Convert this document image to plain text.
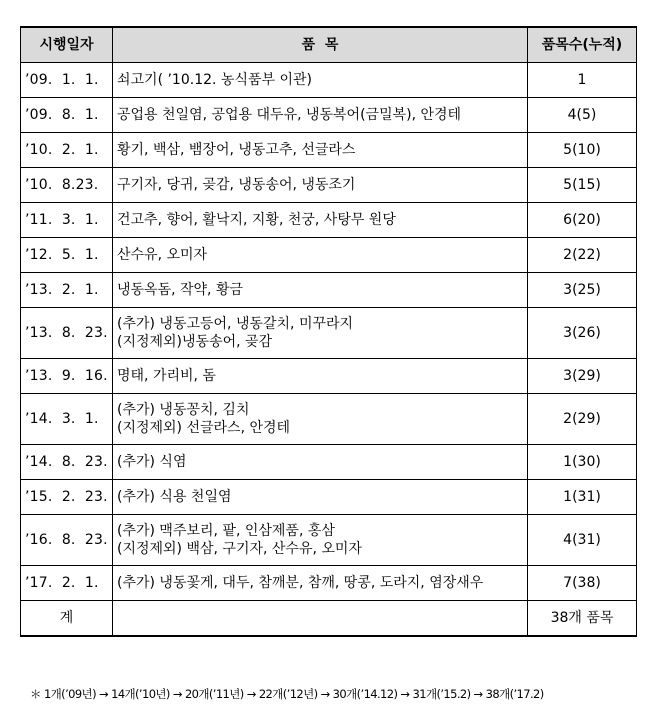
시행일자	품  목	품목수(누적)
’09.  1.  1.	쇠고기( ’10.12. 농식품부 이관)	1
’09.  8.  1.	공업용 천일염, 공업용 대두유, 냉동복어(금밀복), 안경테	4(5)
’10.  2.  1.	황기, 백삼, 뱀장어, 냉동고추, 선글라스	5(10)
’10.  8.23.	구기자, 당귀, 곶감, 냉동송어, 냉동조기	5(15)
’11.  3.  1.	건고추, 향어, 활낙지, 지황, 천궁, 사탕무 원당	6(20)
’12.  5.  1.	산수유, 오미자	2(22)
’13.  2.  1.	냉동옥돔, 작약, 황금	3(25)
’13.  8.  23.	(추가) 냉동고등어, 냉동갈치, 미꾸라지
(지정제외)냉동송어, 곶감	3(26)
’13.  9.  16.	명태, 가리비, 돔	3(29)
’14.  3.  1.	(추가) 냉동꽁치, 김치
(지정제외) 선글라스, 안경테	2(29)
’14.  8.  23.	(추가) 식염	1(30)
’15.  2.  23.	(추가) 식용 천일염	1(31)
’16.  8.  23.	(추가) 맥주보리, 팥, 인삼제품, 홍삼
(지정제외) 백삼, 구기자, 산수유, 오미자	4(31)
’17.  2.  1.	(추가) 냉동꽃게, 대두, 참깨분, 참깨, 땅콩, 도라지, 염장새우	7(38)
계		38개 품목
＊ 1개(’09년) → 14개(’10년) → 20개(’11년) → 22개(’12년) → 30개(’14.12) → 31개(’15.2) → 38개(’17.2)
